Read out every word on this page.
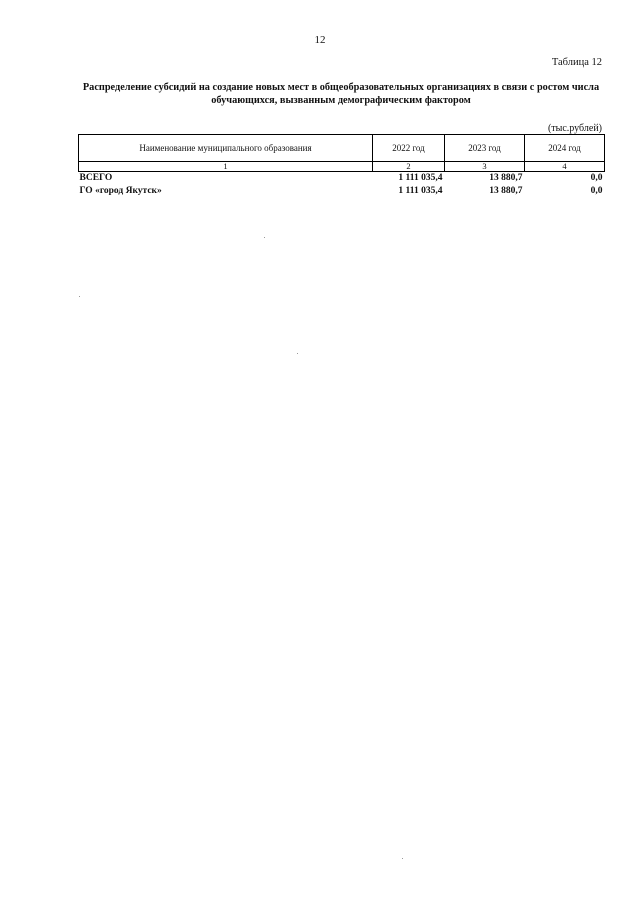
12
Таблица 12
Распределение субсидий на создание новых мест в общеобразовательных организациях в связи с ростом числа
обучающихся, вызванным демографическим фактором
(тыс.рублей)
Наименование муниципального образования	2022 год	2023 год	2024 год
1	2	3	4
ВСЕГО	1 111 035,4	13 880,7	0,0
ГО «город Якутск»	1 111 035,4	13 880,7	0,0
